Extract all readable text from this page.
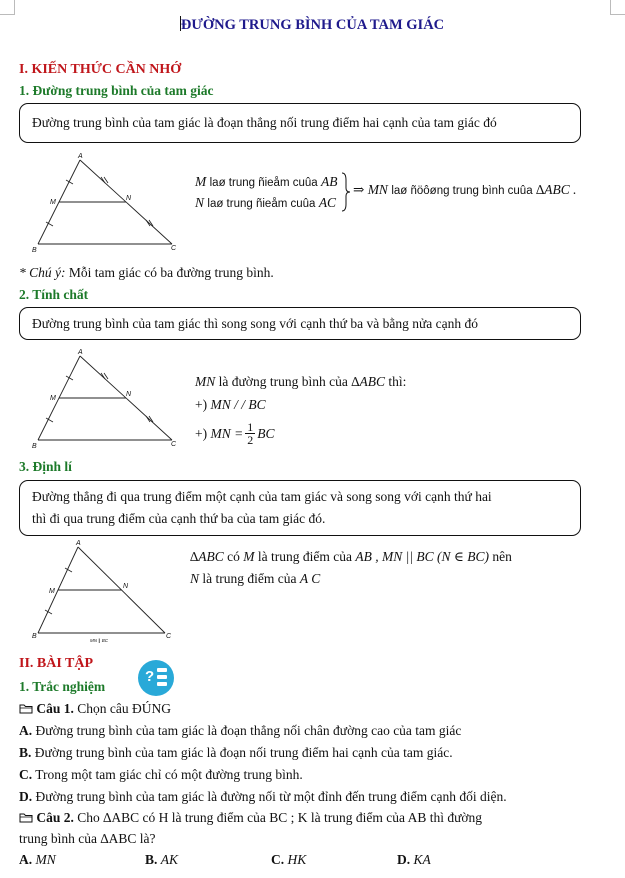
ĐƯỜNG TRUNG BÌNH CỦA TAM GIÁC
I. KIẾN THỨC CẦN NHỚ
1. Đường trung bình của tam giác
Đường trung bình của tam giác là đoạn thẳng nối trung điểm hai cạnh của tam giác đó
A
M
N
B	C
M laø trung ñieåm cuûa AB
N laø trung ñieåm cuûa AC
⇒ MN laø ñöôøng trung bình cuûa ∆ABC .
* Chú ý: Mỗi tam giác có ba đường trung bình.
2. Tính chất
Đường trung bình của tam giác thì song song với cạnh thứ ba và bằng nửa cạnh đó
A
M
N
B	C
MN là đường trung bình của ∆ABC thì:
+) MN / / BC
+)
MN = $\frac{1}{2}$ BC
3. Định lí
Đường thẳng đi qua trung điểm một cạnh của tam giác và song song với cạnh thứ hai
thì đi qua trung điểm của cạnh thứ ba của tam giác đó.
A
M
N
B	C
MN ∥ BC
∆ABC có M là trung điểm của AB , MN || BC (N ∈ BC) nên
N là trung điểm của A C
II. BÀI TẬP
1. Trắc nghiệm
?
Câu 1. Chọn câu ĐÚNG
A. Đường trung bình của tam giác là đoạn thẳng nối chân đường cao của tam giác
B. Đường trung bình của tam giác là đoạn nối trung điểm hai cạnh của tam giác.
C. Trong một tam giác chỉ có một đường trung bình.
D. Đường trung bình của tam giác là đường nối từ một đỉnh đến trung điểm cạnh đối diện.
Câu 2. Cho ∆ABC có H là trung điểm của BC ; K là trung điểm của AB thì đường
trung bình của ∆ABC là?
A. MN	B. AK	C. HK	D. KA
